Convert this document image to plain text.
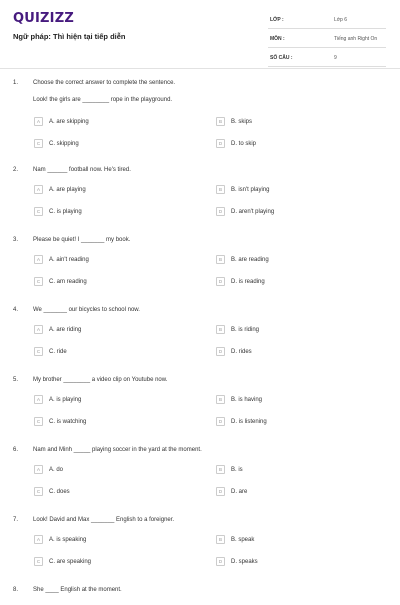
QUIZIZZ
Ngữ pháp: Thì hiện tại tiếp diễn
LỚP :	Lớp 6
MÔN :	Tiếng anh Right On
SỐ CÂU :	9
1. Choose the correct answer to complete the sentence.
Look! the girls are ________ rope in the playground.
A	A. are skipping	B	B. skips
C	C. skipping	D	D. to skip
2. Nam ______ football now. He's tired.
A	A. are playing	B	B. isn't playing
C	C. is playing	D	D. aren't playing
3. Please be quiet! I _______ my book.
A	A. ain't reading	B	B. are reading
C	C. am reading	D	D. is reading
4. We _______ our bicycles to school now.
A	A. are riding	B	B. is riding
C	C. ride	D	D. rides
5. My brother ________ a video clip on Youtube now.
A	A. is playing	B	B. is having
C	C. is watching	D	D. is listening
6. Nam and Minh _____ playing soccer in the yard at the moment.
A	A. do	B	B. is
C	C. does	D	D. are
7. Look! David and Max _______ English to a foreigner.
A	A. is speaking	B	B. speak
C	C. are speaking	D	D. speaks
8. She ____ English at the moment.
